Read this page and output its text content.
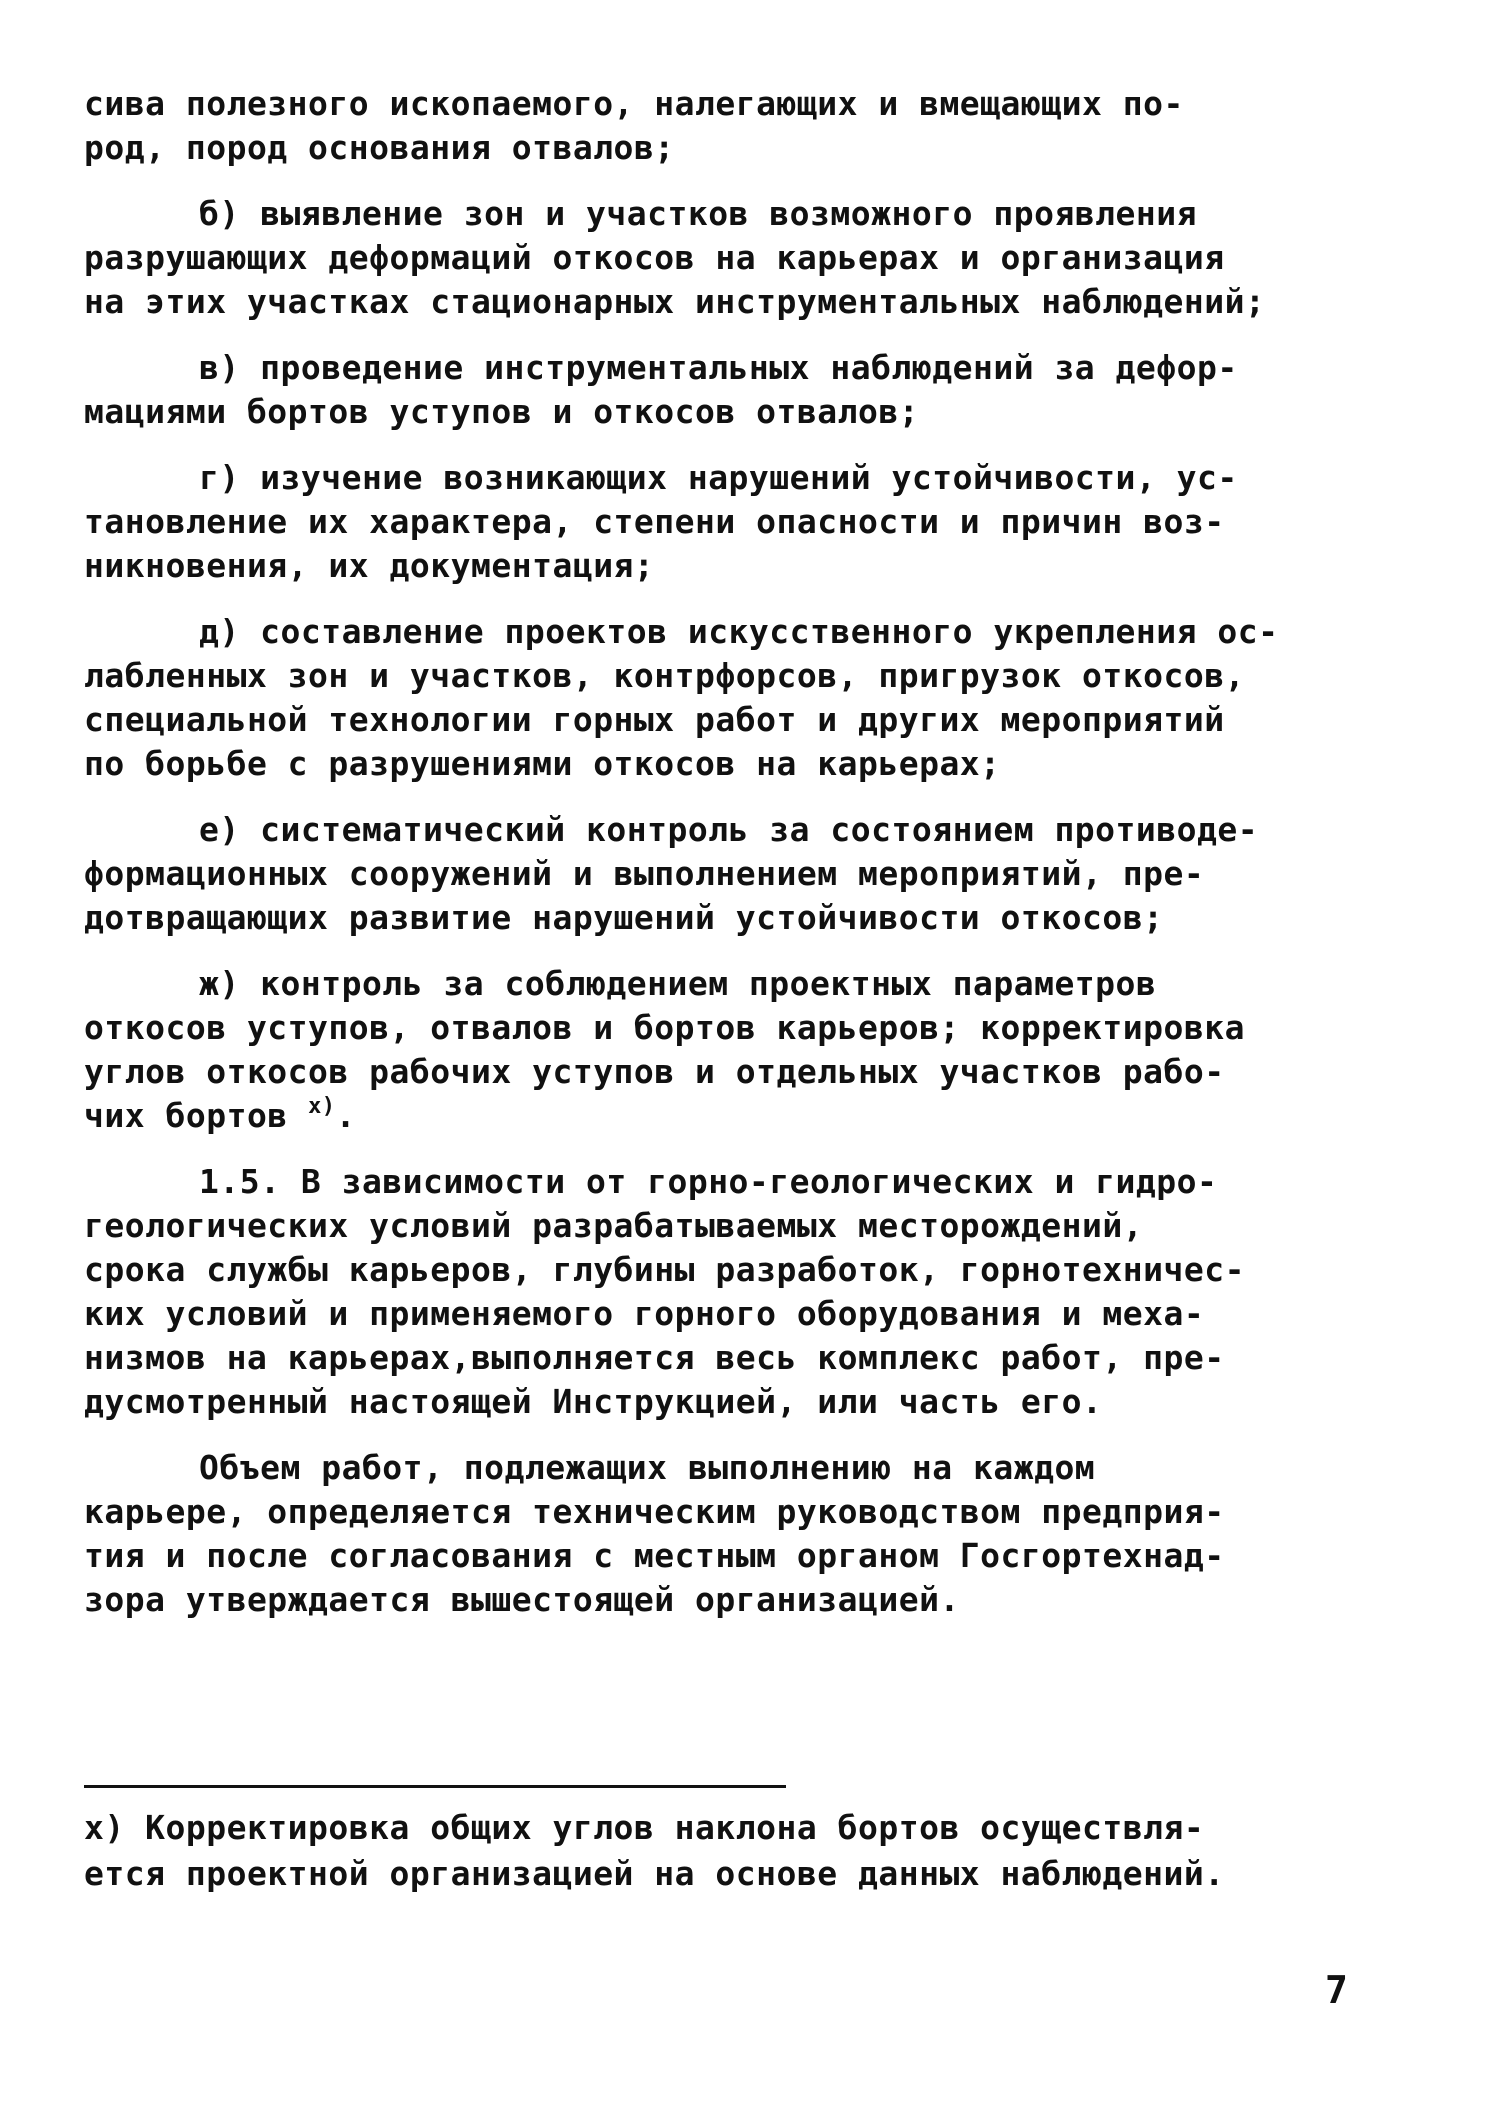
сива полезного ископаемого, налегающих и вмещающих по-
род, пород основания отвалов;

б) выявление зон и участков возможного проявления
разрушающих деформаций откосов на карьерах и организация
на этих участках стационарных инструментальных наблюдений;

в) проведение инструментальных наблюдений за дефор-
мациями бортов уступов и откосов отвалов;

г) изучение возникающих нарушений устойчивости, ус-
тановление их характера, степени опасности и причин воз-
никновения, их документация;

д) составление проектов искусственного укрепления ос-
лабленных зон и участков, контрфорсов, пригрузок откосов,
специальной технологии горных работ и других мероприятий
по борьбе с разрушениями откосов на карьерах;

е) систематический контроль за состоянием противоде-
формационных сооружений и выполнением мероприятий, пре-
дотвращающих развитие нарушений устойчивости откосов;

ж) контроль за соблюдением проектных параметров
откосов уступов, отвалов и бортов карьеров; корректировка
углов откосов рабочих уступов и отдельных участков рабо-
чих бортов $^{x)}$.

1.5. В зависимости от горно-геологических и гидро-
геологических условий разрабатываемых месторождений,
срока службы карьеров, глубины разработок, горнотехничес-
ких условий и применяемого горного оборудования и меха-
низмов на карьерах,выполняется весь комплекс работ, пре-
дусмотренный настоящей Инструкцией, или часть его.

Объем работ, подлежащих выполнению на каждом
карьере, определяется техническим руководством предприя-
тия и после согласования с местным органом Госгортехнад-
зора утверждается вышестоящей организацией.

x) Корректировка общих углов наклона бортов осуществля-
ется проектной организацией на основе данных наблюдений.

7
